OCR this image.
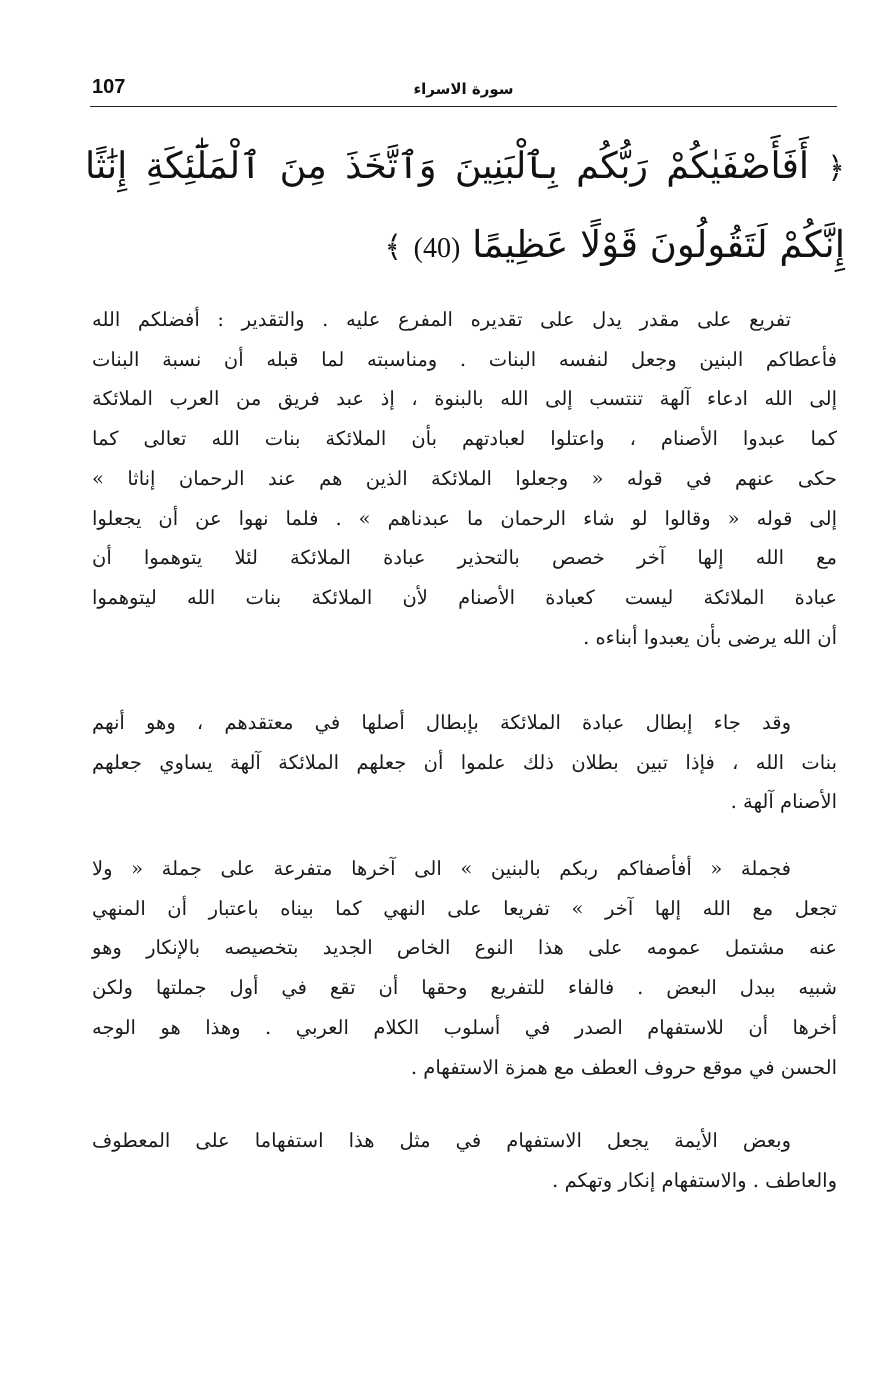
107	سورة الاسراء
﴿ أَفَأَصْفَيٰكُمْ رَبُّكُم بِٱلْبَنِينَ وَٱتَّخَذَ مِنَ ٱلْمَلَٰٓئِكَةِ إِنَٰثًا
إِنَّكُمْ لَتَقُولُونَ قَوْلًا عَظِيمًا (40) ﴾
تفريع على مقدر يدل على تقديره المفرع عليه . والتقدير : أفضلكم الله
فأعطاكم البنين وجعل لنفسه البنات . ومناسبته لما قبله أن نسبة البنات
إلى الله ادعاء آلهة تنتسب إلى الله بالبنوة ، إذ عبد فريق من العرب الملائكة
كما عبدوا الأصنام ، واعتلوا لعبادتهم بأن الملائكة بنات الله تعالى كما
حكى عنهم في قوله « وجعلوا الملائكة الذين هم عند الرحمان إناثا »
إلى قوله « وقالوا لو شاء الرحمان ما عبدناهم » . فلما نهوا عن أن يجعلوا
مع الله إلها آخر خصص بالتحذير عبادة الملائكة لئلا يتوهموا أن
عبادة الملائكة ليست كعبادة الأصنام لأن الملائكة بنات الله ليتوهموا
أن الله يرضى بأن يعبدوا أبناءه .
وقد جاء إبطال عبادة الملائكة بإبطال أصلها في معتقدهم ، وهو أنهم
بنات الله ، فإذا تبين بطلان ذلك علموا أن جعلهم الملائكة آلهة يساوي جعلهم
الأصنام آلهة .
فجملة « أفأصفاكم ربكم بالبنين » الى آخرها متفرعة على جملة « ولا
تجعل مع الله إلها آخر » تفريعا على النهي كما بيناه باعتبار أن المنهي
عنه مشتمل عمومه على هذا النوع الخاص الجديد بتخصيصه بالإنكار وهو
شبيه ببدل البعض . فالفاء للتفريع وحقها أن تقع في أول جملتها ولكن
أخرها أن للاستفهام الصدر في أسلوب الكلام العربي . وهذا هو الوجه
الحسن في موقع حروف العطف مع همزة الاستفهام .
وبعض الأيمة يجعل الاستفهام في مثل هذا استفهاما على المعطوف
والعاطف . والاستفهام إنكار وتهكم .
